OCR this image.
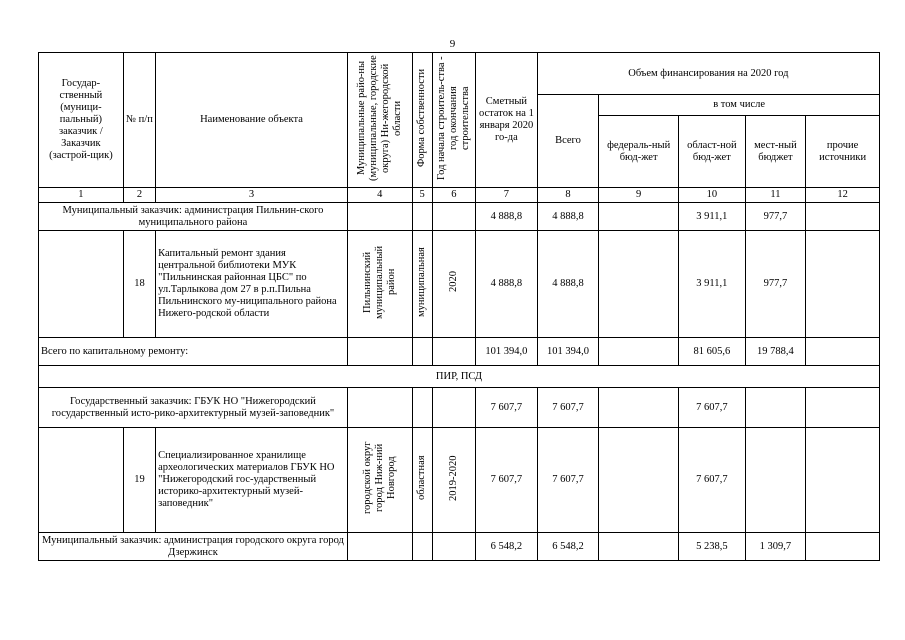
9
Государ-ственный (муници-пальный) заказчик / Заказчик (застрой-щик)	№ п/п	Наименование объекта	Муниципальные райо-ны (муниципальные, городские округа) Ни-жегородской области	Форма собственности	Год начала строитель-ства - год окончания строительства	Сметный остаток на 1 января 2020 го-да	Объем финансирования на 2020 год				
							Всего	в том числе			
								федераль-ный бюд-жет	област-ной бюд-жет	мест-ный бюджет	прочие источники
1	2	3	4	5	6	7	8	9	10	11	12
Муниципальный заказчик: администрация Пильнин-ского муниципального района						4 888,8	4 888,8		3 911,1	977,7	
	18	Капитальный ремонт здания центральной библиотеки МУК "Пильнинская районная ЦБС" по ул.Тарлыкова дом 27 в р.п.Пильна Пильнинского му-ниципального района Нижего-родской области	Пильнинский муниципальный район	муниципальная	2020	4 888,8	4 888,8		3 911,1	977,7	
Всего по капитальному ремонту:						101 394,0	101 394,0		81 605,6	19 788,4	
ПИР, ПСД											
Государственный заказчик: ГБУК НО "Нижегородский государственный исто-рико-архитектурный музей-заповедник"						7 607,7	7 607,7		7 607,7		
	19	Специализированное хранилище археологических материалов ГБУК НО "Нижегородский гос-ударственный историко-архитектурный музей-заповедник"	городской округ город Ниж-ний Новгород	областная	2019-2020	7 607,7	7 607,7		7 607,7		
Муниципальный заказчик: администрация городского округа город Дзержинск						6 548,2	6 548,2		5 238,5	1 309,7	
